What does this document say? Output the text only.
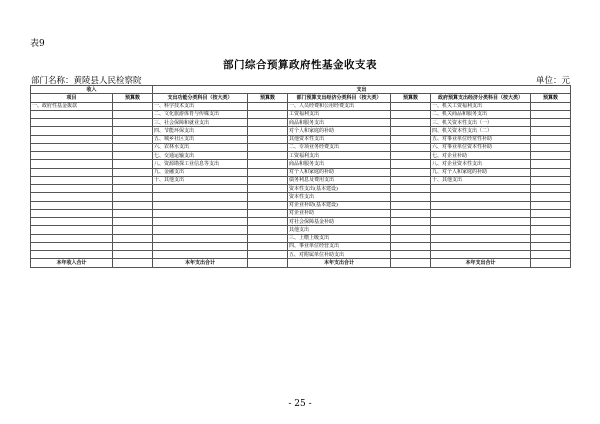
表9
部门综合预算政府性基金收支表
部门名称：黄陵县人民检察院	单位：元
收入		支出					
项目	预算数	支出功能分类科目（按大类）	预算数	部门预算支出经济分类科目（按大类）	预算数	政府预算支出经济分类科目（按大类）	预算数
一、政府性基金拨款		一、科学技术支出		一、人员经费和公用经费支出		一、机关工资福利支出	
		二、文化旅游体育与传媒支出		工资福利支出		二、机关商品和服务支出	
		三、社会保障和就业支出		商品和服务支出		三、机关资本性支出（一）	
		四、节能环保支出		对个人和家庭的补助		四、机关资本性支出（二）	
		五、城乡社区支出		其他资本性支出		五、对事业单位经常性补助	
		六、农林水支出		二、专项业务经费支出		六、对事业单位资本性补助	
		七、交通运输支出		工资福利支出		七、对企业补助	
		八、资源勘探工业信息等支出		商品和服务支出		八、对企业资本性支出	
		九、金融支出		对个人和家庭的补助		九、对个人和家庭的补助	
		十、其他支出		债务利息及费用支出		十、其他支出	
				资本性支出(基本建设)			
				资本性支出			
				对企业补助(基本建设)			
				对企业补助			
				对社会保障基金补助			
				其他支出			
				三、上缴上级支出			
				四、事业单位经营支出			
				五、对附属单位补助支出			
本年收入合计		本年支出合计		本年支出合计		本年支出合计	
- 25 -
